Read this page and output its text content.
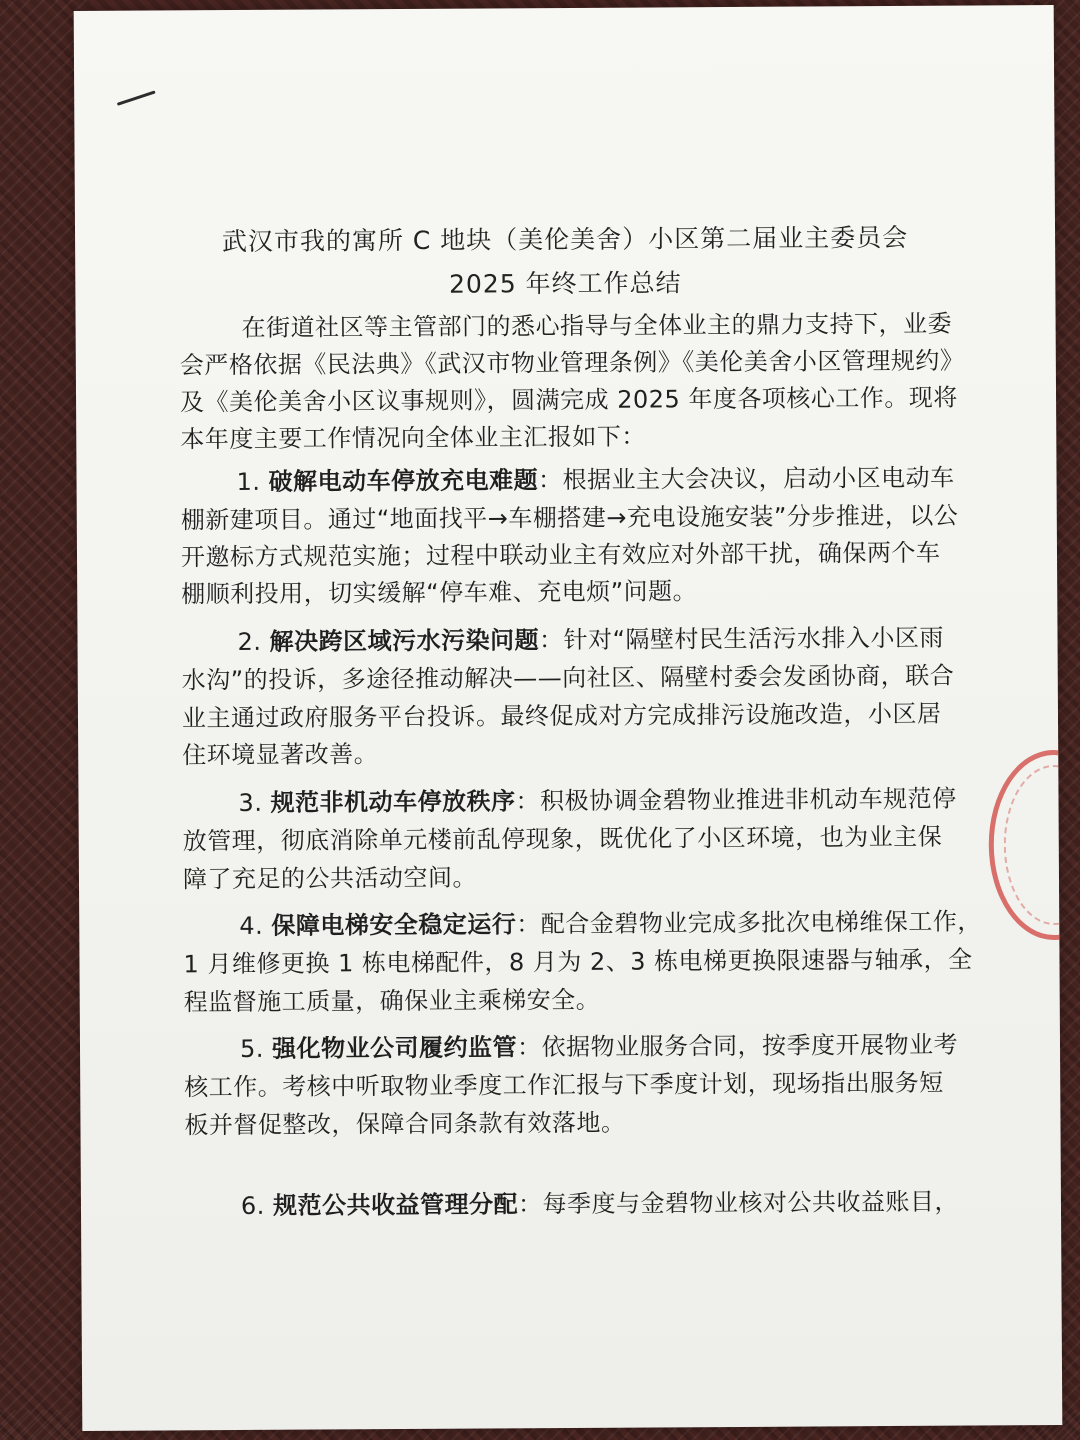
武汉市我的寓所 C 地块（美伦美舍）小区第二届业主委员会
2025 年终工作总结
在街道社区等主管部门的悉心指导与全体业主的鼎力支持下，业委
会严格依据《民法典》《武汉市物业管理条例》《美伦美舍小区管理规约》
及《美伦美舍小区议事规则》，圆满完成 2025 年度各项核心工作。现将
本年度主要工作情况向全体业主汇报如下：
1. 破解电动车停放充电难题：根据业主大会决议，启动小区电动车
棚新建项目。通过“地面找平→车棚搭建→充电设施安装”分步推进，以公
开邀标方式规范实施；过程中联动业主有效应对外部干扰，确保两个车
棚顺利投用，切实缓解“停车难、充电烦”问题。
2. 解决跨区域污水污染问题：针对“隔壁村民生活污水排入小区雨
水沟”的投诉，多途径推动解决——向社区、隔壁村委会发函协商，联合
业主通过政府服务平台投诉。最终促成对方完成排污设施改造，小区居
住环境显著改善。
3. 规范非机动车停放秩序：积极协调金碧物业推进非机动车规范停
放管理，彻底消除单元楼前乱停现象，既优化了小区环境，也为业主保
障了充足的公共活动空间。
4. 保障电梯安全稳定运行：配合金碧物业完成多批次电梯维保工作，
1 月维修更换 1 栋电梯配件，8 月为 2、3 栋电梯更换限速器与轴承，全
程监督施工质量，确保业主乘梯安全。
5. 强化物业公司履约监管：依据物业服务合同，按季度开展物业考
核工作。考核中听取物业季度工作汇报与下季度计划，现场指出服务短
板并督促整改，保障合同条款有效落地。
6. 规范公共收益管理分配：每季度与金碧物业核对公共收益账目，
